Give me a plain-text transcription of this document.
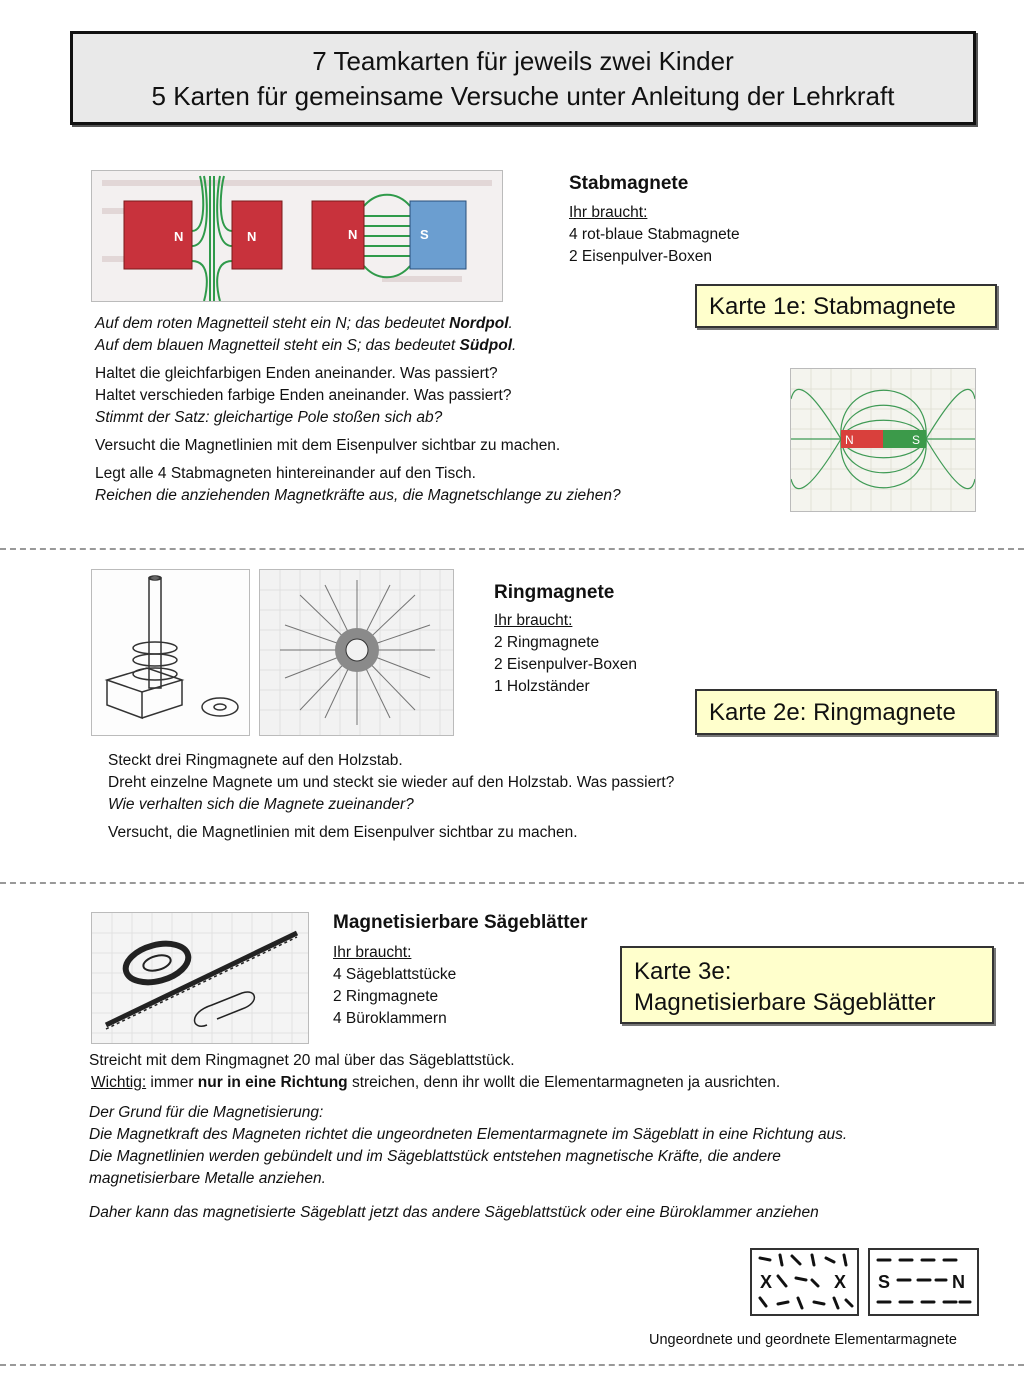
7 Teamkarten für jeweils zwei Kinder
5 Karten für gemeinsame Versuche unter Anleitung der Lehrkraft
N	N	N	S
Stabmagnete
Ihr braucht:
4 rot-blaue Stabmagnete
2 Eisenpulver-Boxen
Karte 1e: Stabmagnete
Auf dem roten Magnetteil steht ein N; das bedeutet Nordpol.
Auf dem blauen Magnetteil steht ein S; das bedeutet Südpol.
Haltet die gleichfarbigen Enden aneinander. Was passiert?
Haltet verschieden farbige Enden aneinander. Was passiert?
Stimmt der Satz: gleichartige Pole stoßen sich ab?
Versucht die Magnetlinien mit dem Eisenpulver sichtbar zu machen.
Legt alle 4 Stabmagneten hintereinander auf den Tisch.
Reichen die anziehenden Magnetkräfte aus, die Magnetschlange zu ziehen?
N	S
Ringmagnete
Ihr braucht:
2 Ringmagnete
2 Eisenpulver-Boxen
1 Holzständer
Karte 2e: Ringmagnete
Steckt drei Ringmagnete auf den Holzstab.
Dreht einzelne Magnete um und steckt sie wieder auf den Holzstab. Was passiert?
Wie verhalten sich die Magnete zueinander?
Versucht, die Magnetlinien mit dem Eisenpulver sichtbar zu machen.
Magnetisierbare Sägeblätter
Ihr braucht:
4 Sägeblattstücke
2 Ringmagnete
4 Büroklammern
Karte 3e:
Magnetisierbare Sägeblätter
Streicht mit dem Ringmagnet 20 mal über das Sägeblattstück.
Wichtig: immer nur in eine Richtung streichen, denn ihr wollt die Elementarmagneten ja ausrichten.
Der Grund für die Magnetisierung:
Die Magnetkraft des Magneten richtet die ungeordneten Elementarmagnete im Sägeblatt in eine Richtung aus.
Die Magnetlinien werden gebündelt und im Sägeblattstück entstehen magnetische Kräfte, die andere
magnetisierbare Metalle anziehen.
Daher kann das magnetisierte Sägeblatt jetzt das andere Sägeblattstück oder eine Büroklammer anziehen
X	X S	N
Ungeordnete und geordnete Elementarmagnete
